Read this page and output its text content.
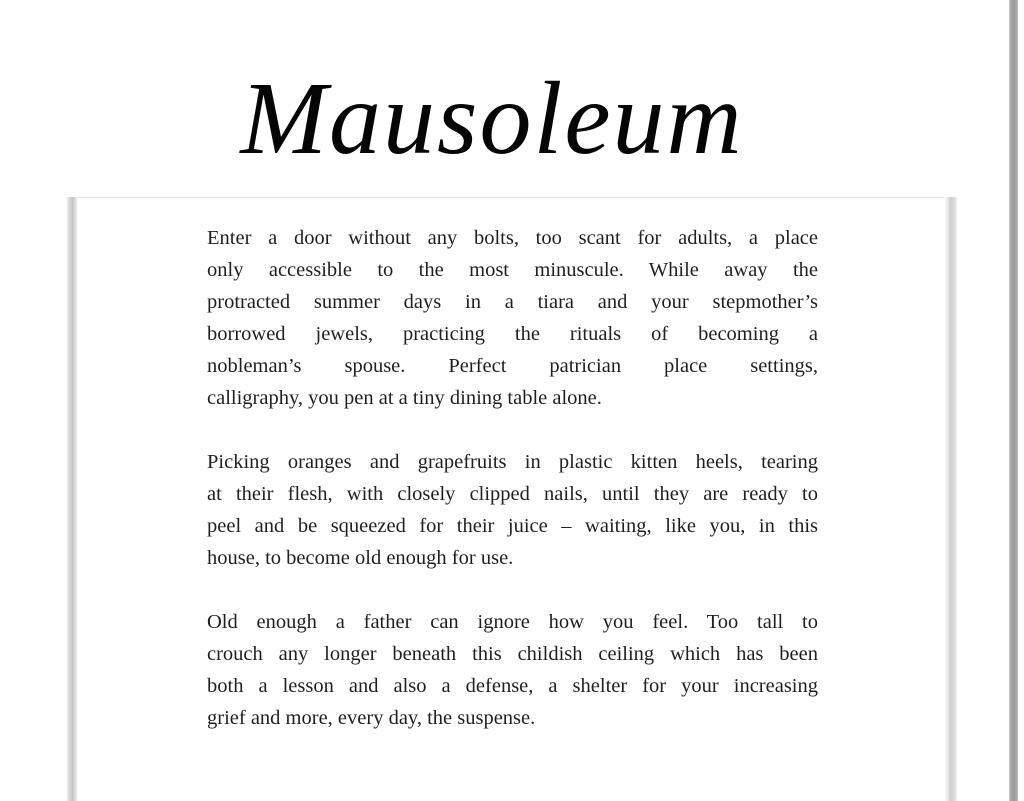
Mausoleum
Enter a door without any bolts, too scant for adults, a place
only accessible to the most minuscule. While away the
protracted summer days in a tiara and your stepmother’s
borrowed jewels, practicing the rituals of becoming a
nobleman’s spouse. Perfect patrician place settings,
calligraphy, you pen at a tiny dining table alone.
Picking oranges and grapefruits in plastic kitten heels, tearing
at their flesh, with closely clipped nails, until they are ready to
peel and be squeezed for their juice – waiting, like you, in this
house, to become old enough for use.
Old enough a father can ignore how you feel. Too tall to
crouch any longer beneath this childish ceiling which has been
both a lesson and also a defense, a shelter for your increasing
grief and more, every day, the suspense.
